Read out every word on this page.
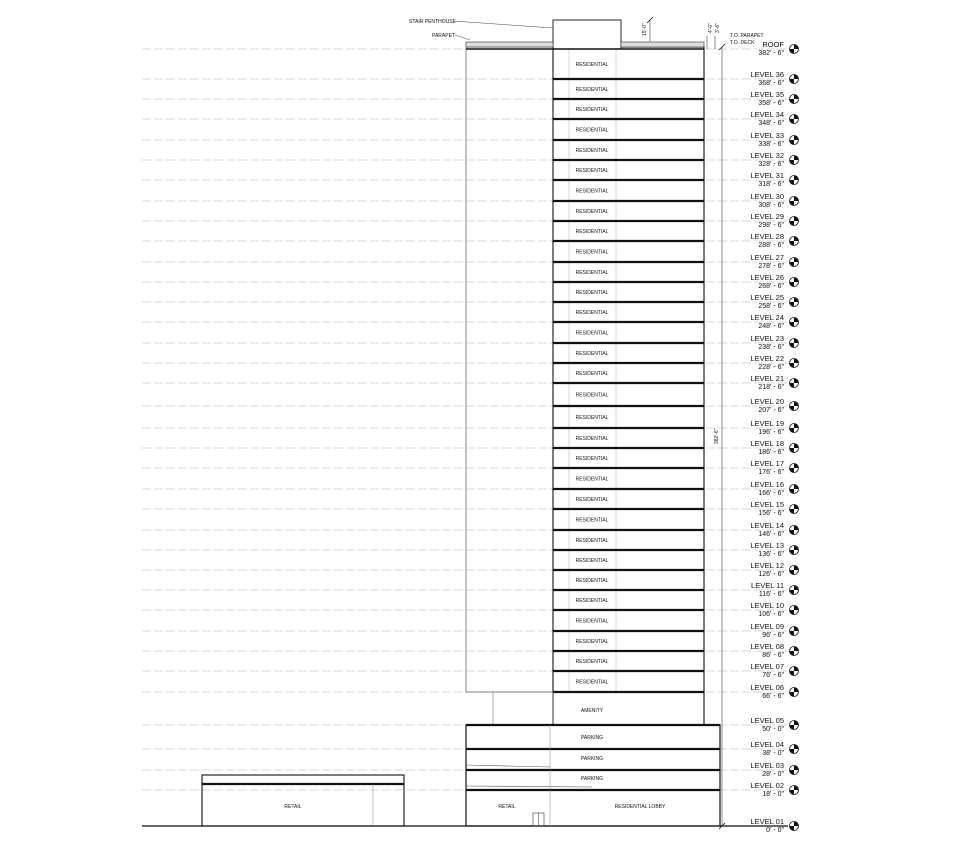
RESIDENTIAL
RESIDENTIAL
RESIDENTIAL
RESIDENTIAL
RESIDENTIAL
RESIDENTIAL
RESIDENTIAL
RESIDENTIAL
RESIDENTIAL
RESIDENTIAL
RESIDENTIAL
RESIDENTIAL
RESIDENTIAL
RESIDENTIAL
RESIDENTIAL
RESIDENTIAL
RESIDENTIAL
RESIDENTIAL
RESIDENTIAL
RESIDENTIAL
RESIDENTIAL
RESIDENTIAL
RESIDENTIAL
RESIDENTIAL
RESIDENTIAL
RESIDENTIAL
RESIDENTIAL
RESIDENTIAL
RESIDENTIAL
RESIDENTIAL
RESIDENTIAL
AMENITY
PARKING
PARKING
PARKING
RETAIL	RESIDENTIAL LOBBY
RETAIL
ROOF
382' - 6"
LEVEL 36
368' - 6"
LEVEL 35
358' - 6"
LEVEL 34
348' - 6"
LEVEL 33
338' - 6"
LEVEL 32
328' - 6"
LEVEL 31
318' - 6"
LEVEL 30
308' - 6"
LEVEL 29
298' - 6"
LEVEL 28
288' - 6"
LEVEL 27
278' - 6"
LEVEL 26
268' - 6"
LEVEL 25
258' - 6"
LEVEL 24
248' - 6"
LEVEL 23
238' - 6"
LEVEL 22
228' - 6"
LEVEL 21
218' - 6"
LEVEL 20
207' - 6"
LEVEL 19
196' - 6"
LEVEL 18
186' - 6"
LEVEL 17
176' - 6"
LEVEL 16
166' - 6"
LEVEL 15
156' - 6"
LEVEL 14
146' - 6"
LEVEL 13
136' - 6"
LEVEL 12
126' - 6"
LEVEL 11
116' - 6"
LEVEL 10
106' - 6"
LEVEL 09
96' - 6"
LEVEL 08
86' - 6"
LEVEL 07
76' - 6"
LEVEL 06
66' - 6"
LEVEL 05
50' - 0"
LEVEL 04
38' - 0"
LEVEL 03
28' - 0"
LEVEL 02
18' - 0"
LEVEL 01
0' - 0"
STAIR PENTHOUSE
PARAPET	T.O. PARAPET
T.O. DECK
15'-0"	4'-0" 3'-6"
382'-6"
